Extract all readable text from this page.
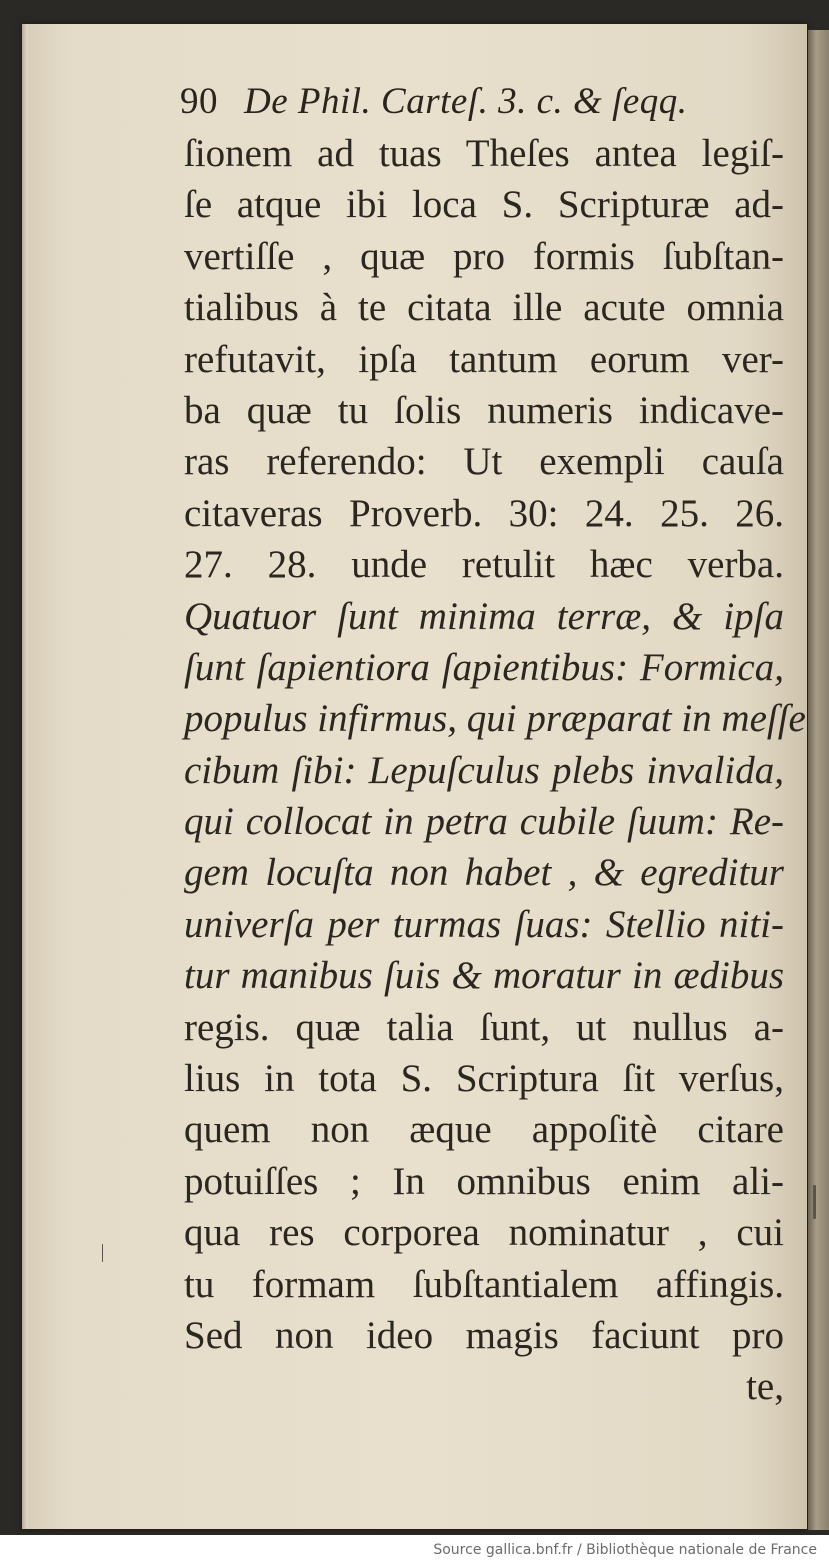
90 De Phil. Carteſ. 3. c. & ſeqq.
ſionem ad tuas Theſes antea legiſ-
ſe atque ibi loca S. Scripturæ ad-
vertiſſe , quæ pro formis ſubſtan-
tialibus à te citata ille acute omnia
refutavit, ipſa tantum eorum ver-
ba quæ tu ſolis numeris indicave-
ras referendo: Ut exempli cauſa
citaveras Proverb. 30: 24. 25. 26.
27. 28. unde retulit hæc verba.
Quatuor ſunt minima terræ, & ipſa
ſunt ſapientiora ſapientibus: Formica,
populus infirmus, qui præparat in meſſe
cibum ſibi: Lepuſculus plebs invalida,
qui collocat in petra cubile ſuum: Re-
gem locuſta non habet , & egreditur
univerſa per turmas ſuas: Stellio niti-
tur manibus ſuis & moratur in ædibus
regis. quæ talia ſunt, ut nullus a-
lius in tota S. Scriptura ſit verſus,
quem non æque appoſitè citare
potuiſſes ; In omnibus enim ali-
qua res corporea nominatur , cui
tu formam ſubſtantialem affingis.
Sed non ideo magis faciunt pro
te,
Source gallica.bnf.fr / Bibliothèque nationale de France
